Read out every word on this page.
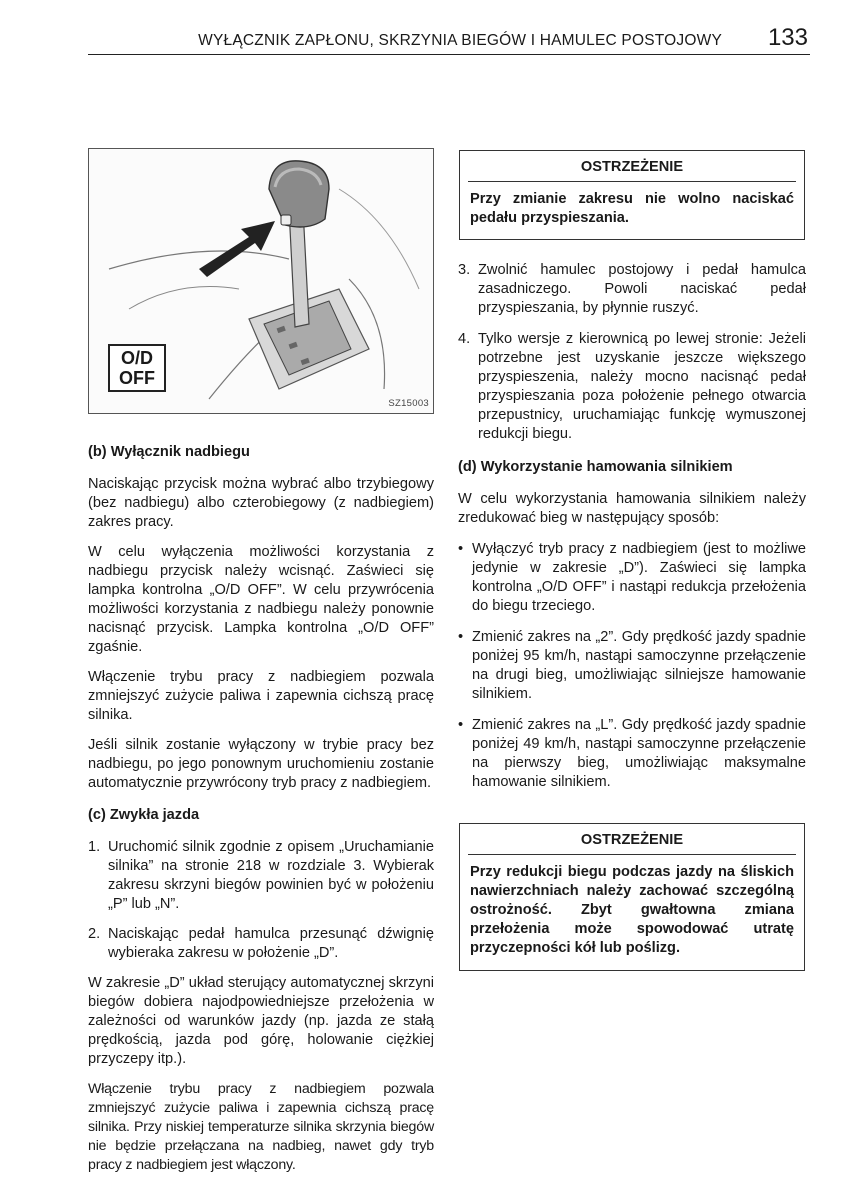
WYŁĄCZNIK ZAPŁONU, SKRZYNIA BIEGÓW I HAMULEC POSTOJOWY 133
O/D
OFF
SZ15003

(b) Wyłącznik nadbiegu

Naciskając przycisk można wybrać albo trzybiegowy (bez nadbiegu) albo czterobiegowy (z nadbiegiem) zakres pracy.

W celu wyłączenia możliwości korzystania z nadbiegu przycisk należy wcisnąć. Zaświeci się lampka kontrolna „O/D OFF”. W celu przywrócenia możliwości korzystania z nadbiegu należy ponownie nacisnąć przycisk. Lampka kontrolna „O/D OFF” zgaśnie.

Włączenie trybu pracy z nadbiegiem pozwala zmniejszyć zużycie paliwa i zapewnia cichszą pracę silnika.

Jeśli silnik zostanie wyłączony w trybie pracy bez nadbiegu, po jego ponownym uruchomieniu zostanie automatycznie przywrócony tryb pracy z nadbiegiem.

(c) Zwykła jazda

1. Uruchomić silnik zgodnie z opisem „Uruchamianie silnika” na stronie 218 w rozdziale 3. Wybierak zakresu skrzyni biegów powinien być w położeniu „P” lub „N”.
2. Naciskając pedał hamulca przesunąć dźwignię wybieraka zakresu w położenie „D”.

W zakresie „D” układ sterujący automatycznej skrzyni biegów dobiera najodpowiedniejsze przełożenia w zależności od warunków jazdy (np. jazda ze stałą prędkością, jazda pod górę, holowanie ciężkiej przyczepy itp.).

Włączenie trybu pracy z nadbiegiem pozwala zmniejszyć zużycie paliwa i zapewnia cichszą pracę silnika. Przy niskiej temperaturze silnika skrzynia biegów nie będzie przełączana na nadbieg, nawet gdy tryb pracy z nadbiegiem jest włączony.

OSTRZEŻENIE
Przy zmianie zakresu nie wolno naciskać pedału przyspieszania.
3. Zwolnić hamulec postojowy i pedał hamulca zasadniczego. Powoli naciskać pedał przyspieszania, by płynnie ruszyć.
4. Tylko wersje z kierownicą po lewej stronie: Jeżeli potrzebne jest uzyskanie jeszcze większego przyspieszenia, należy mocno nacisnąć pedał przyspieszania poza położenie pełnego otwarcia przepustnicy, uruchamiając funkcję wymuszonej redukcji biegu.

(d) Wykorzystanie hamowania silnikiem

W celu wykorzystania hamowania silnikiem należy zredukować bieg w następujący sposób:

• Wyłączyć tryb pracy z nadbiegiem (jest to możliwe jedynie w zakresie „D”). Zaświeci się lampka kontrolna „O/D OFF” i nastąpi redukcja przełożenia do biegu trzeciego.
• Zmienić zakres na „2”. Gdy prędkość jazdy spadnie poniżej 95 km/h, nastąpi samoczynne przełączenie na drugi bieg, umożliwiając silniejsze hamowanie silnikiem.
• Zmienić zakres na „L”. Gdy prędkość jazdy spadnie poniżej 49 km/h, nastąpi samoczynne przełączenie na pierwszy bieg, umożliwiając maksymalne hamowanie silnikiem.
OSTRZEŻENIE
Przy redukcji biegu podczas jazdy na śliskich nawierzchniach należy zachować szczególną ostrożność. Zbyt gwałtowna zmiana przełożenia może spowodować utratę przyczepności kół lub poślizg.
